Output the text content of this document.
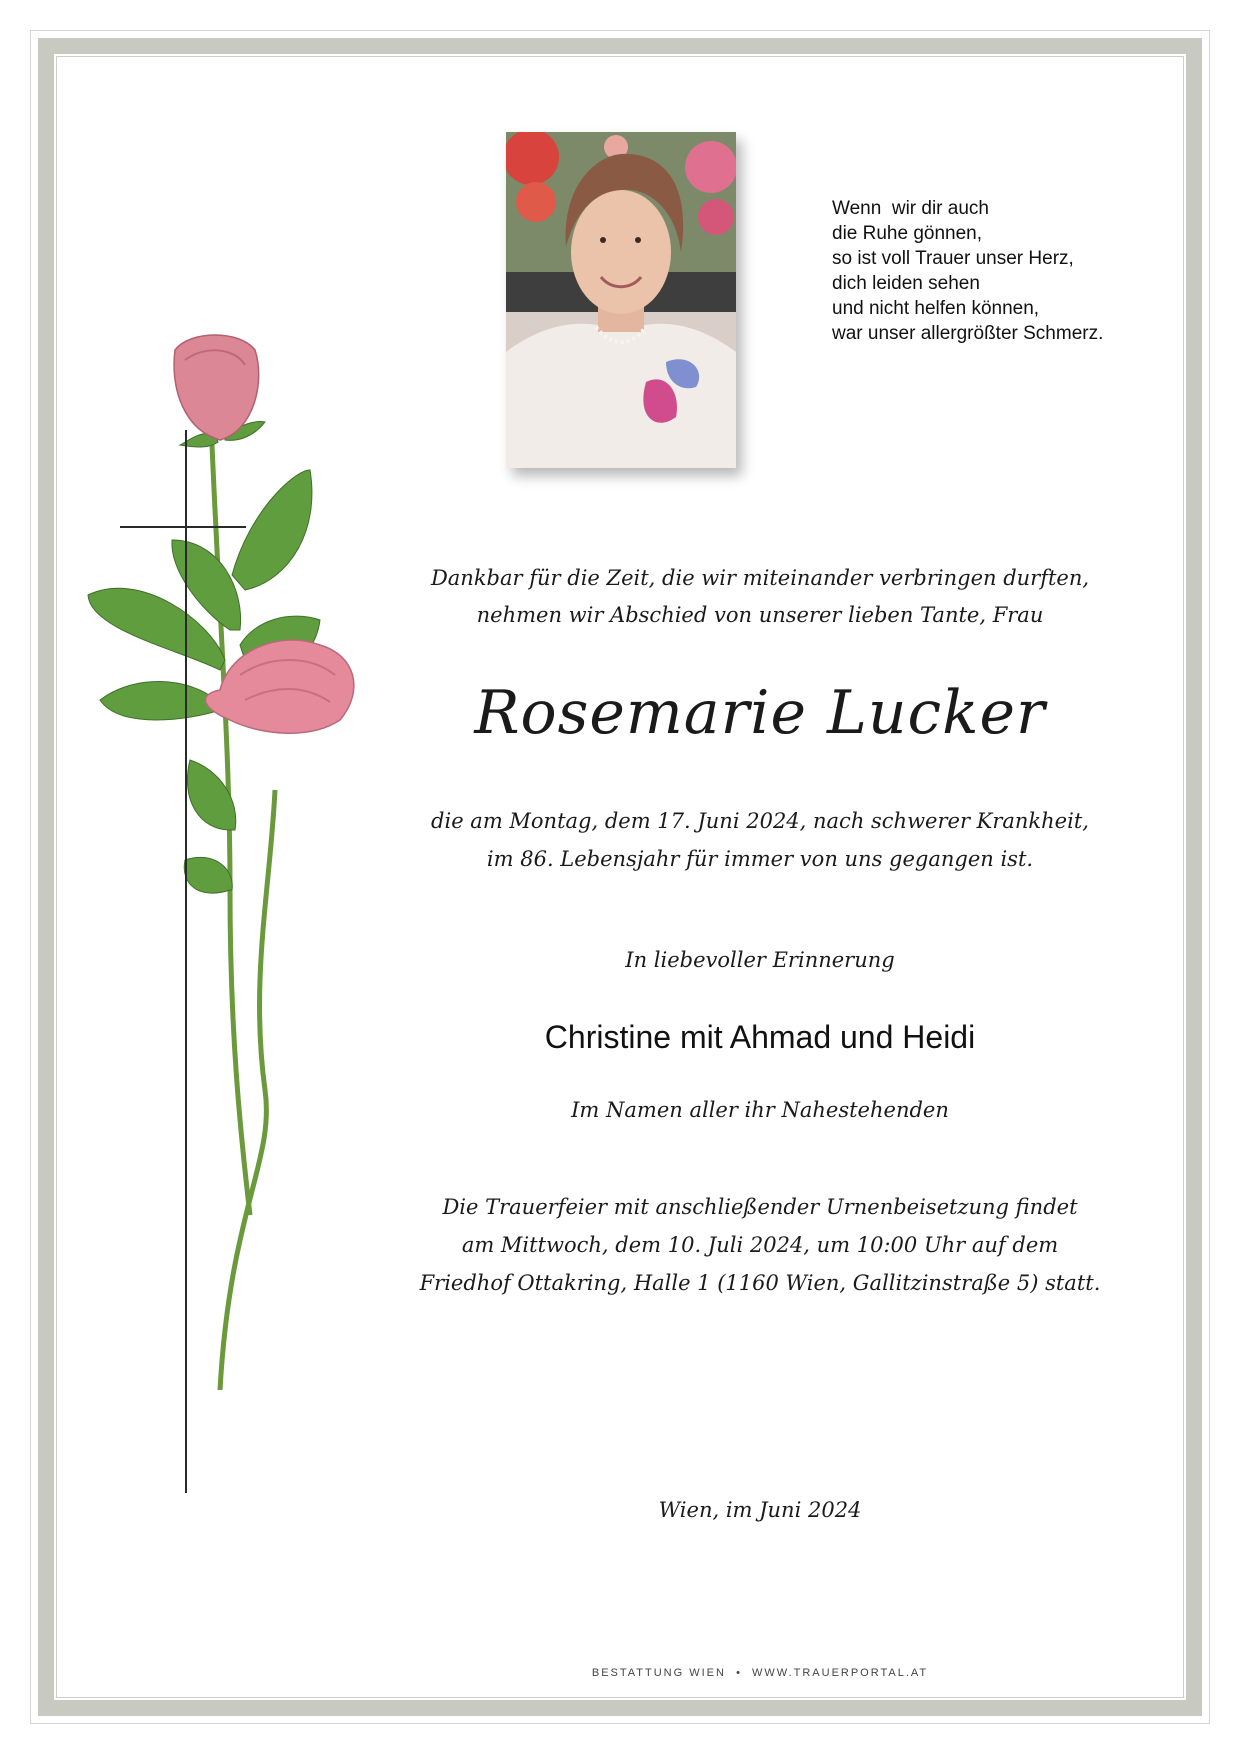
Wenn  wir dir auch
die Ruhe gönnen,
so ist voll Trauer unser Herz,
dich leiden sehen
und nicht helfen können,
war unser allergrößter Schmerz.
Dankbar für die Zeit, die wir miteinander verbringen durften,
nehmen wir Abschied von unserer lieben Tante, Frau
Rosemarie Lucker
die am Montag, dem 17. Juni 2024, nach schwerer Krankheit,
im 86. Lebensjahr für immer von uns gegangen ist.
In liebevoller Erinnerung
Christine mit Ahmad und Heidi
Im Namen aller ihr Nahestehenden
Die Trauerfeier mit anschließender Urnenbeisetzung findet
am Mittwoch, dem 10. Juli 2024, um 10:00 Uhr auf dem
Friedhof Ottakring, Halle 1 (1160 Wien, Gallitzinstraße 5) statt.
Wien, im Juni 2024
BESTATTUNG WIEN  •  WWW.TRAUERPORTAL.AT
